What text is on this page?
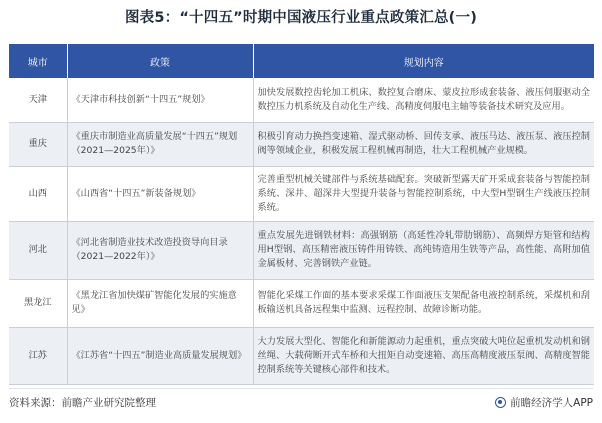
图表5：“十四五”时期中国液压行业重点政策汇总(一)
城市	政策	规划内容
天津	《天津市科技创新“十四五”规划》	加快发展数控齿轮加工机床、数控复合磨床、蒙皮拉形成套装备、液压伺服驱动全数控压力机系统及自动化生产线、高精度伺服电主轴等装备技术研究及应用。
重庆	《重庆市制造业高质量发展“十四五”规划（2021—2025年）》	积极引育动力换挡变速箱、湿式驱动桥、回传支承、液压马达、液压泵、液压控制阀等领域企业，积极发展工程机械再制造，壮大工程机械产业规模。
山西	《山西省“十四五”新装备规划》	完善重型机械关键部件与系统基础配套。突破新型露天矿开采成套装备与智能控制系统、深井、超深井大型提升装备与智能控制系统，中大型H型钢生产线液压控制系统。
河北	《河北省制造业技术改造投资导向目录（2021—2022年）》	重点发展先进钢铁材料：高强钢筋（高延性冷轧带肋钢筋）、高频焊方矩管和结构用H型钢、高压精密液压铸件用铸铁、高纯铸造用生铁等产品，高性能、高附加值金属板材、完善钢铁产业链。
黑龙江	《黑龙江省加快煤矿智能化发展的实施意见》	智能化采煤工作面的基本要求采煤工作面液压支架配备电液控制系统，采煤机和刮板输送机具备远程集中监测、远程控制、故障诊断功能。
江苏	《江苏省“十四五”制造业高质量发展规划》	大力发展大型化、智能化和新能源动力起重机，重点突破大吨位起重机发动机和钢丝绳、大载荷断开式车桥和大扭矩自动变速箱、高压高精度液压泵阀、高精度智能控制系统等关键核心部件和技术。
资料来源：前瞻产业研究院整理	前瞻经济学人APP
